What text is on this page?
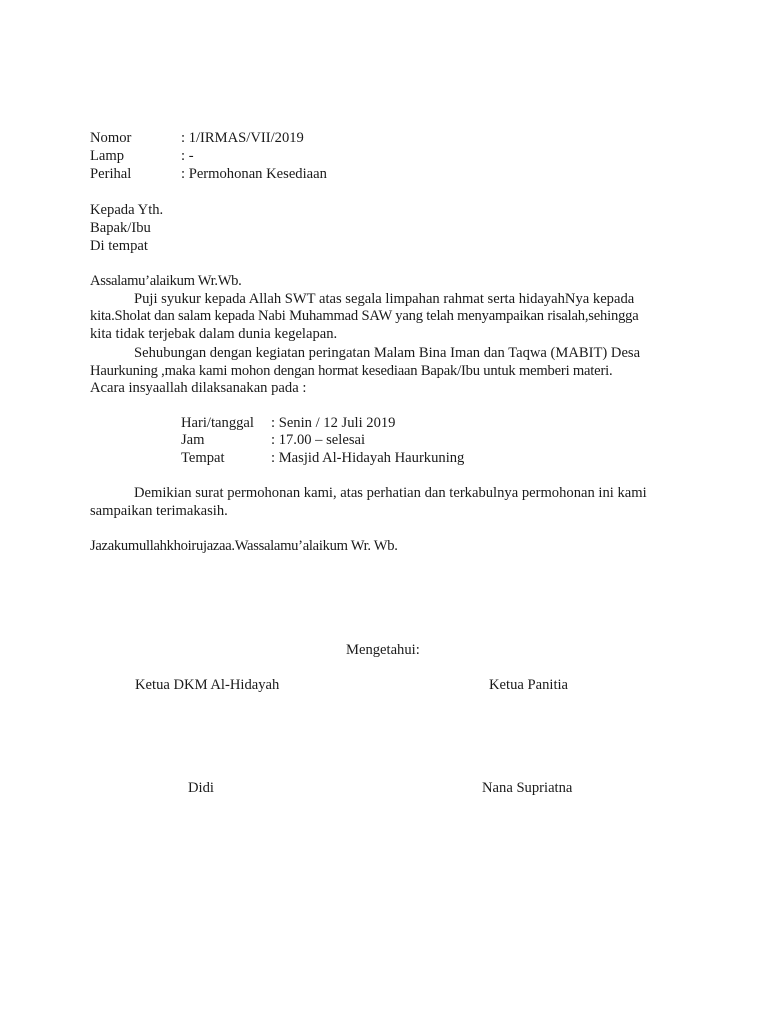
Nomor	: 1/IRMAS/VII/2019

Lamp	: -

Perihal	: Permohonan Kesediaan

Kepada Yth.

Bapak/Ibu

Di tempat

Assalamu’alaikum Wr.Wb.

Puji syukur kepada Allah SWT atas segala limpahan rahmat serta hidayahNya kepada

kita.Sholat dan salam kepada Nabi Muhammad SAW yang telah menyampaikan risalah,sehingga

kita tidak terjebak dalam dunia kegelapan.

Sehubungan dengan kegiatan peringatan Malam Bina Iman dan Taqwa (MABIT) Desa

Haurkuning ,maka kami mohon dengan hormat kesediaan Bapak/Ibu untuk memberi materi.

Acara insyaallah dilaksanakan pada :

Hari/tanggal : Senin / 12 Juli 2019

Jam	: 17.00 – selesai

Tempat	: Masjid Al-Hidayah Haurkuning

Demikian surat permohonan kami, atas perhatian dan terkabulnya permohonan ini kami

sampaikan terimakasih.

Jazakumullahkhoirujazaa.Wassalamu’alaikum Wr. Wb.

Mengetahui:

Ketua DKM Al-Hidayah	Ketua Panitia

Didi	Nana Supriatna
